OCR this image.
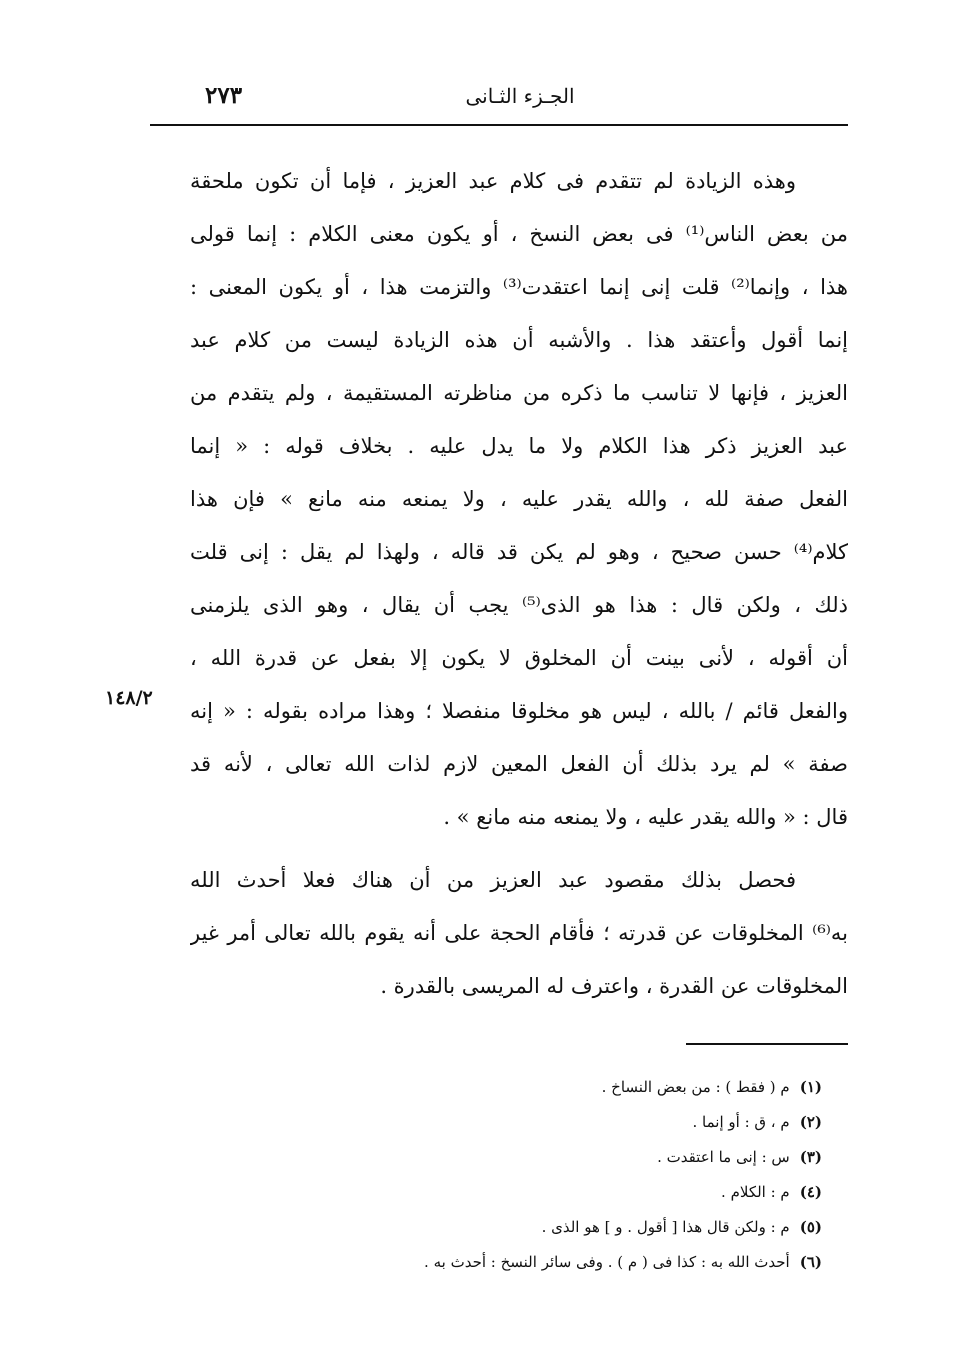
٢٧٣	الجـزء الثـانى
١٤٨/٢
وهذه الزيادة لم تتقدم فى كلام عبد العزيز ، فإما أن تكون ملحقة
من بعض الناس⁽¹⁾ فى بعض النسخ ، أو يكون معنى الكلام : إنما قولى
هذا ، وإنما⁽²⁾ قلت إنى إنما اعتقدت⁽³⁾ والتزمت هذا ، أو يكون المعنى :
إنما أقول وأعتقد هذا . والأشبه أن هذه الزيادة ليست من كلام عبد
العزيز ، فإنها لا تناسب ما ذكره من مناظرته المستقيمة ، ولم يتقدم من
عبد العزيز ذكر هذا الكلام ولا ما يدل عليه . بخلاف قوله : « إنما
الفعل صفة لله ، والله يقدر عليه ، ولا يمنعه منه مانع » فإن هذا
كلام⁽⁴⁾ حسن صحيح ، وهو لم يكن قد قاله ، ولهذا لم يقل : إنى قلت
ذلك ، ولكن قال : هذا هو الذى⁽⁵⁾ يجب أن يقال ، وهو الذى يلزمنى
أن أقوله ، لأنى بينت أن المخلوق لا يكون إلا بفعل عن قدرة الله ،
والفعل قائم / بالله ، ليس هو مخلوقا منفصلا ؛ وهذا مراده بقوله : « إنه
صفة » لم يرد بذلك أن الفعل المعين لازم لذات الله تعالى ، لأنه قد
قال : « والله يقدر عليه ، ولا يمنعه منه مانع » .
فحصل بذلك مقصود عبد العزيز من أن هناك فعلا أحدث الله
به⁽⁶⁾ المخلوقات عن قدرته ؛ فأقام الحجة على أنه يقوم بالله تعالى أمر غير
المخلوقات عن القدرة ، واعترف له المريسى بالقدرة .
(١)م ( فقط ) : من بعض النساخ .
(٢)م ، ق : أو إنما .
(٣)س : إنى ما اعتقدت .
(٤)م : الكلام .
(٥)م : ولكن قال هذا [ أقول . و ] هو الذى .
(٦)أحدث الله به : كذا فى ( م ) . وفى سائر النسخ : أحدث به .
